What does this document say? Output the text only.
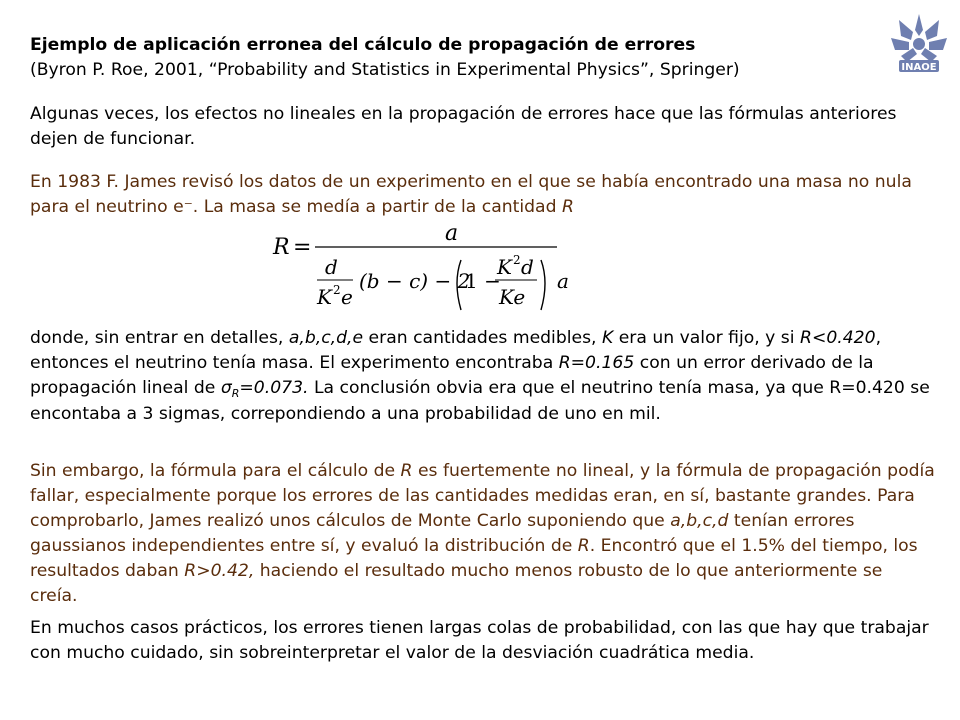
Ejemplo de aplicación erronea del cálculo de propagación de errores
(Byron P. Roe, 2001, “Probability and Statistics in Experimental Physics”, Springer)	INAOE
Algunas veces, los efectos no lineales en la propagación de errores hace que las fórmulas anteriores dejen de funcionar.
En 1983 F. James revisó los datos de un experimento en el que se había encontrado una masa no nula para el neutrino e⁻. La masa se medía a partir de la cantidad R
R =
a
d
K 2 e
(b − c) − 2
1 −
K 2 d
Ke
a
donde, sin entrar en detalles, a,b,c,d,e eran cantidades medibles, K era un valor fijo, y si R<0.420, entonces el neutrino tenía masa. El experimento encontraba R=0.165 con un error derivado de la propagación lineal de $\sigma_R=0.073$. La conclusión obvia era que el neutrino tenía masa, ya que R=0.420 se encontaba a 3 sigmas, correpondiendo a una probabilidad de uno en mil.
Sin embargo, la fórmula para el cálculo de R es fuertemente no lineal, y la fórmula de propagación podía fallar, especialmente porque los errores de las cantidades medidas eran, en sí, bastante grandes. Para comprobarlo, James realizó unos cálculos de Monte Carlo suponiendo que a,b,c,d tenían errores gaussianos independientes entre sí, y evaluó la distribución de R. Encontró que el 1.5% del tiempo, los resultados daban R>0.42, haciendo el resultado mucho menos robusto de lo que anteriormente se creía.
En muchos casos prácticos, los errores tienen largas colas de probabilidad, con las que hay que trabajar con mucho cuidado, sin sobreinterpretar el valor de la desviación cuadrática media.
